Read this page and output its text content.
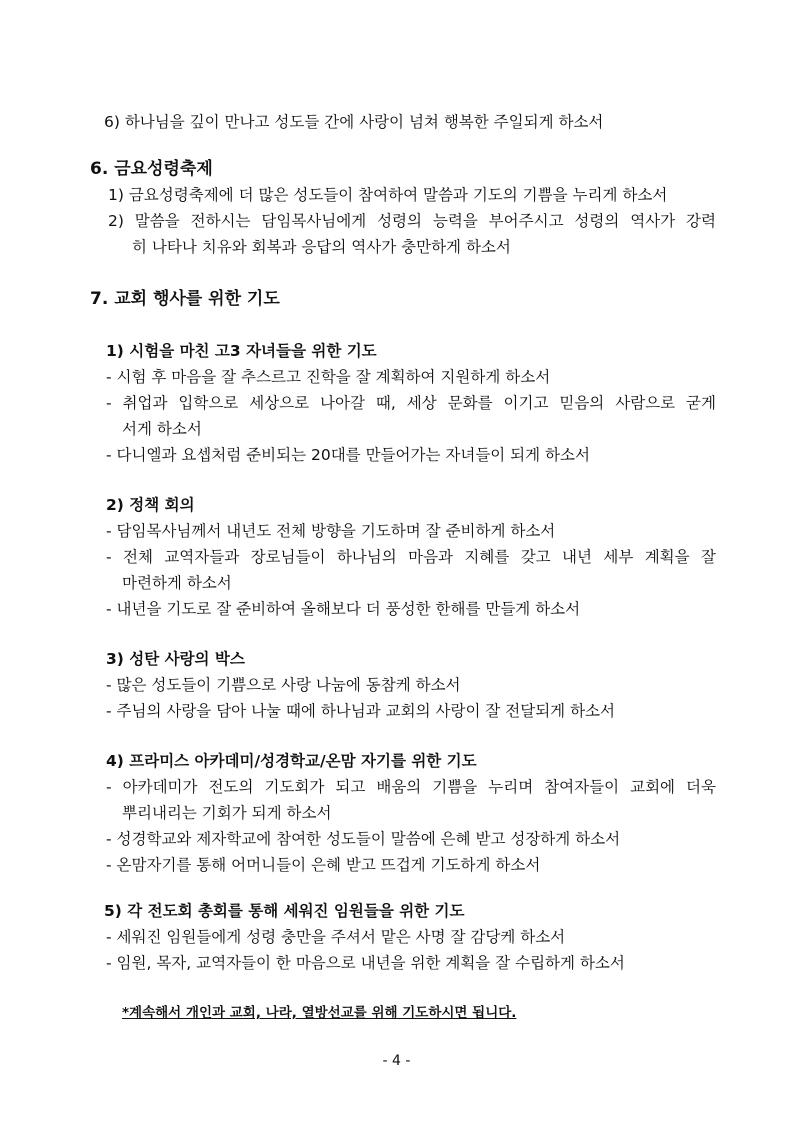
6) 하나님을 깊이 만나고 성도들 간에 사랑이 넘쳐 행복한 주일되게 하소서
6. 금요성령축제
1) 금요성령축제에 더 많은 성도들이 참여하여 말씀과 기도의 기쁨을 누리게 하소서
2) 말씀을 전하시는 담임목사님에게 성령의 능력을 부어주시고 성령의 역사가 강력
히 나타나 치유와 회복과 응답의 역사가 충만하게 하소서
7. 교회 행사를 위한 기도
1) 시험을 마친 고3 자녀들을 위한 기도
- 시험 후 마음을 잘 추스르고 진학을 잘 계획하여 지원하게 하소서
- 취업과 입학으로 세상으로 나아갈 때, 세상 문화를 이기고 믿음의 사람으로 굳게
서게 하소서
- 다니엘과 요셉처럼 준비되는 20대를 만들어가는 자녀들이 되게 하소서
2) 정책 회의
- 담임목사님께서 내년도 전체 방향을 기도하며 잘 준비하게 하소서
- 전체 교역자들과 장로님들이 하나님의 마음과 지혜를 갖고 내년 세부 계획을 잘
마련하게 하소서
- 내년을 기도로 잘 준비하여 올해보다 더 풍성한 한해를 만들게 하소서
3) 성탄 사랑의 박스
- 많은 성도들이 기쁨으로 사랑 나눔에 동참케 하소서
- 주님의 사랑을 담아 나눌 때에 하나님과 교회의 사랑이 잘 전달되게 하소서
4) 프라미스 아카데미/성경학교/온맘 자기를 위한 기도
- 아카데미가 전도의 기도회가 되고 배움의 기쁨을 누리며 참여자들이 교회에 더욱
뿌리내리는 기회가 되게 하소서
- 성경학교와 제자학교에 참여한 성도들이 말씀에 은혜 받고 성장하게 하소서
- 온맘자기를 통해 어머니들이 은혜 받고 뜨겁게 기도하게 하소서
5) 각 전도회 총회를 통해 세워진 임원들을 위한 기도
- 세워진 임원들에게 성령 충만을 주셔서 맡은 사명 잘 감당케 하소서
- 임원, 목자, 교역자들이 한 마음으로 내년을 위한 계획을 잘 수립하게 하소서
*계속해서 개인과 교회, 나라, 열방선교를 위해 기도하시면 됩니다.
- 4 -
